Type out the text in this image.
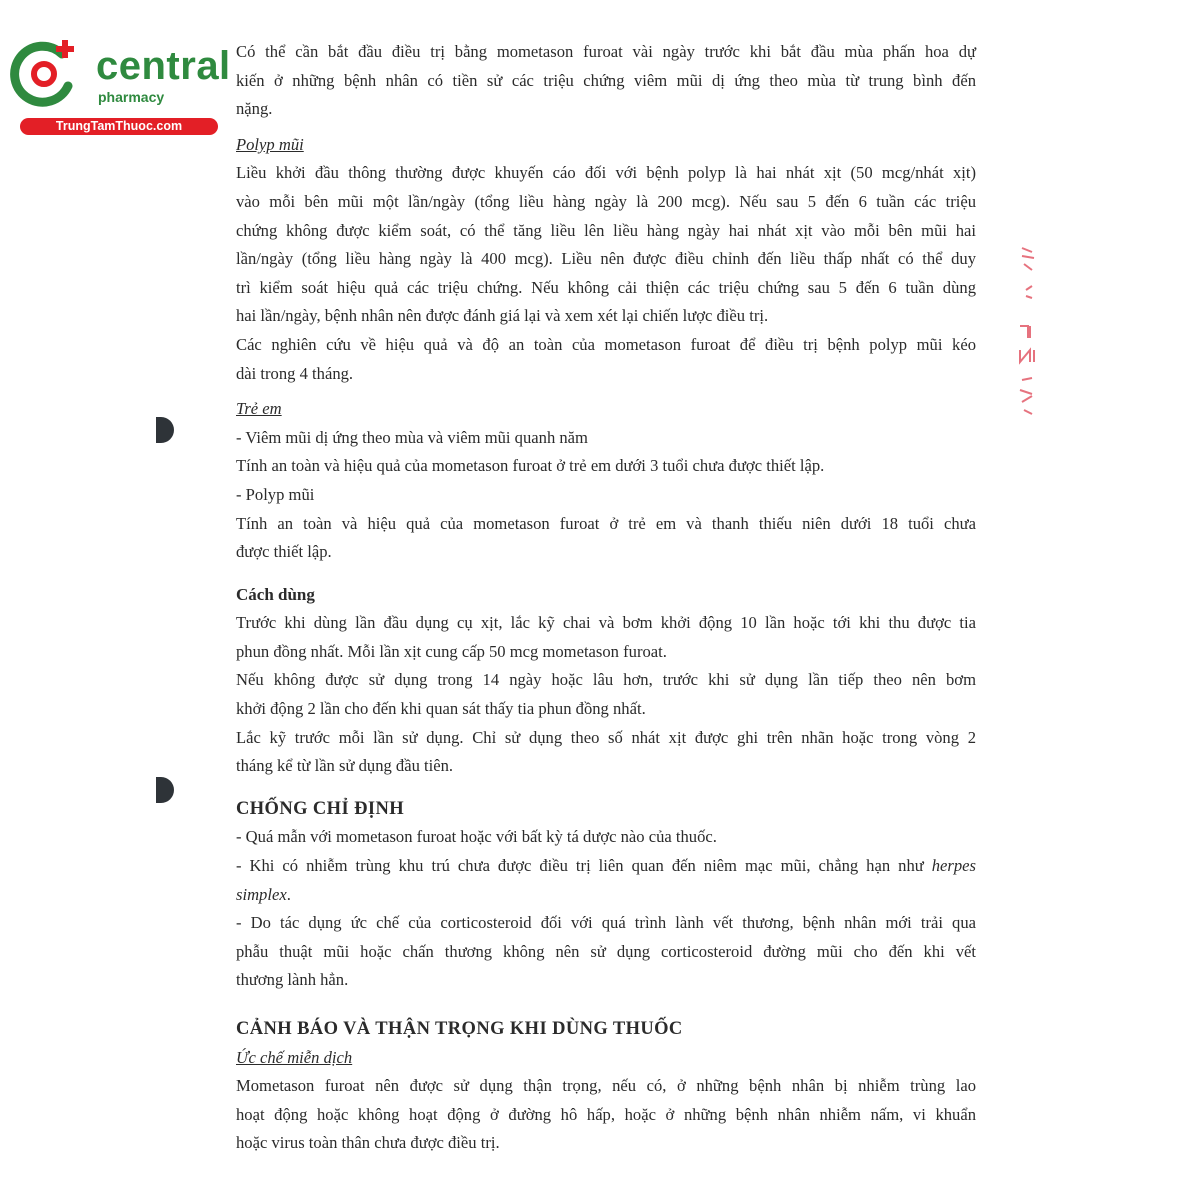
central
pharmacy
TrungTamThuoc.com
Có thể cần bắt đầu điều trị bằng mometason furoat vài ngày trước khi bắt đầu mùa phấn hoa dự
kiến ở những bệnh nhân có tiền sử các triệu chứng viêm mũi dị ứng theo mùa từ trung bình đến
nặng.
Polyp mũi
Liều khởi đầu thông thường được khuyến cáo đối với bệnh polyp là hai nhát xịt (50 mcg/nhát xịt)
vào mỗi bên mũi một lần/ngày (tổng liều hàng ngày là 200 mcg). Nếu sau 5 đến 6 tuần các triệu
chứng không được kiểm soát, có thể tăng liều lên liều hàng ngày hai nhát xịt vào mỗi bên mũi hai
lần/ngày (tổng liều hàng ngày là 400 mcg). Liều nên được điều chỉnh đến liều thấp nhất có thể duy
trì kiểm soát hiệu quả các triệu chứng. Nếu không cải thiện các triệu chứng sau 5 đến 6 tuần dùng
hai lần/ngày, bệnh nhân nên được đánh giá lại và xem xét lại chiến lược điều trị.
Các nghiên cứu về hiệu quả và độ an toàn của mometason furoat để điều trị bệnh polyp mũi kéo
dài trong 4 tháng.
Trẻ em
- Viêm mũi dị ứng theo mùa và viêm mũi quanh năm
Tính an toàn và hiệu quả của mometason furoat ở trẻ em dưới 3 tuổi chưa được thiết lập.
- Polyp mũi
Tính an toàn và hiệu quả của mometason furoat ở trẻ em và thanh thiếu niên dưới 18 tuổi chưa
được thiết lập.
Cách dùng
Trước khi dùng lần đầu dụng cụ xịt, lắc kỹ chai và bơm khởi động 10 lần hoặc tới khi thu được tia
phun đồng nhất. Mỗi lần xịt cung cấp 50 mcg mometason furoat.
Nếu không được sử dụng trong 14 ngày hoặc lâu hơn, trước khi sử dụng lần tiếp theo nên bơm
khởi động 2 lần cho đến khi quan sát thấy tia phun đồng nhất.
Lắc kỹ trước mỗi lần sử dụng. Chỉ sử dụng theo số nhát xịt được ghi trên nhãn hoặc trong vòng 2
tháng kể từ lần sử dụng đầu tiên.
CHỐNG CHỈ ĐỊNH
- Quá mẫn với mometason furoat hoặc với bất kỳ tá dược nào của thuốc.
- Khi có nhiễm trùng khu trú chưa được điều trị liên quan đến niêm mạc mũi, chẳng hạn như herpes
simplex.
- Do tác dụng ức chế của corticosteroid đối với quá trình lành vết thương, bệnh nhân mới trải qua
phẫu thuật mũi hoặc chấn thương không nên sử dụng corticosteroid đường mũi cho đến khi vết
thương lành hẳn.
CẢNH BÁO VÀ THẬN TRỌNG KHI DÙNG THUỐC
Ức chế miễn dịch
Mometason furoat nên được sử dụng thận trọng, nếu có, ở những bệnh nhân bị nhiễm trùng lao
hoạt động hoặc không hoạt động ở đường hô hấp, hoặc ở những bệnh nhân nhiễm nấm, vi khuẩn
hoặc virus toàn thân chưa được điều trị.
